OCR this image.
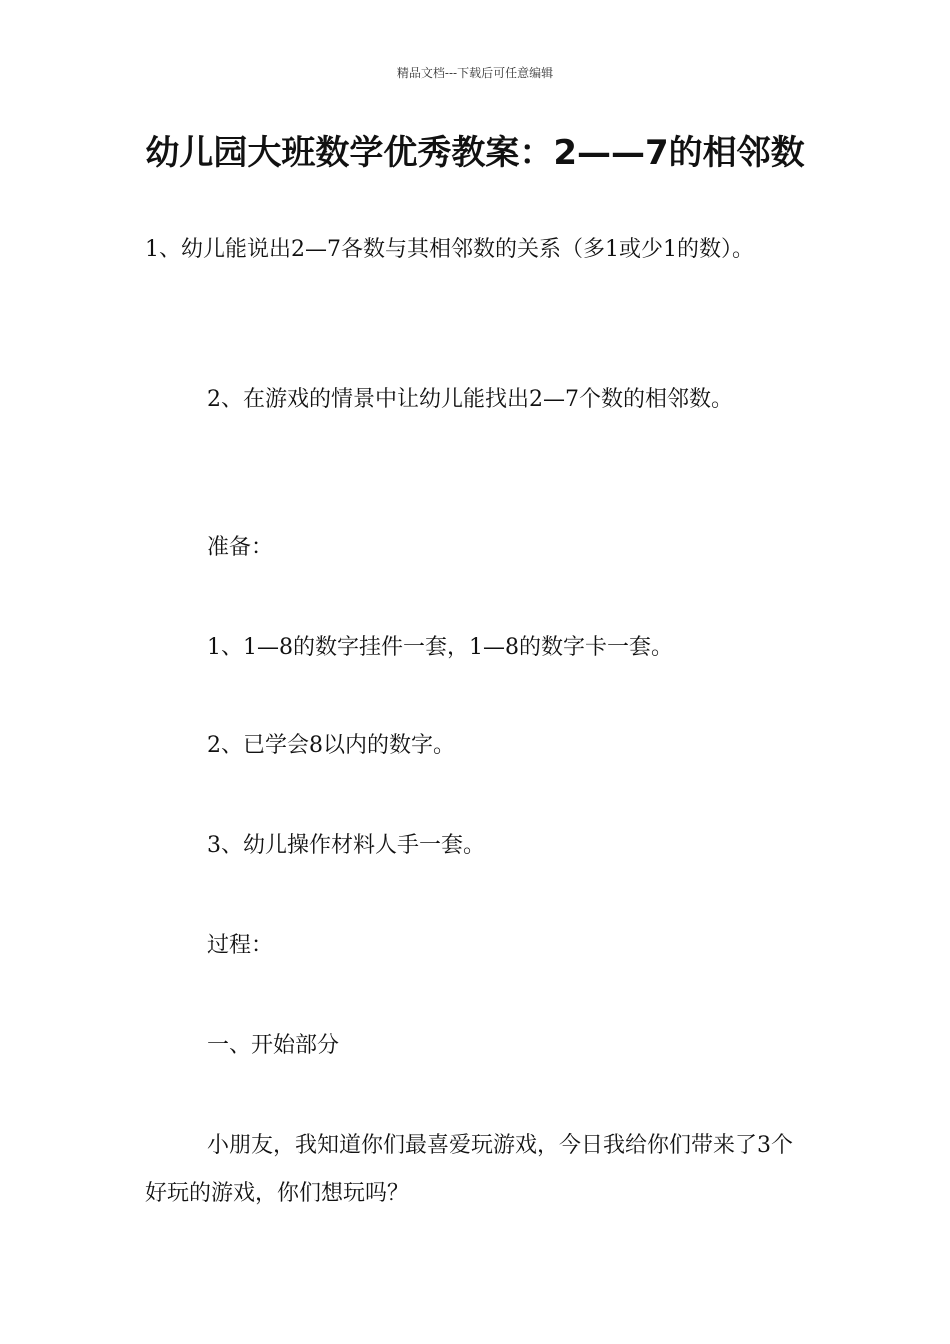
精品文档---下载后可任意编辑
幼儿园大班数学优秀教案：2——7的相邻数

1、幼儿能说出2—7各数与其相邻数的关系（多1或少1的数）。

2、在游戏的情景中让幼儿能找出2—7个数的相邻数。

准备：

1、1—8的数字挂件一套，1—8的数字卡一套。

2、已学会8以内的数字。

3、幼儿操作材料人手一套。

过程：

一、开始部分

小朋友，我知道你们最喜爱玩游戏，今日我给你们带来了3个好玩的游戏，你们想玩吗？
